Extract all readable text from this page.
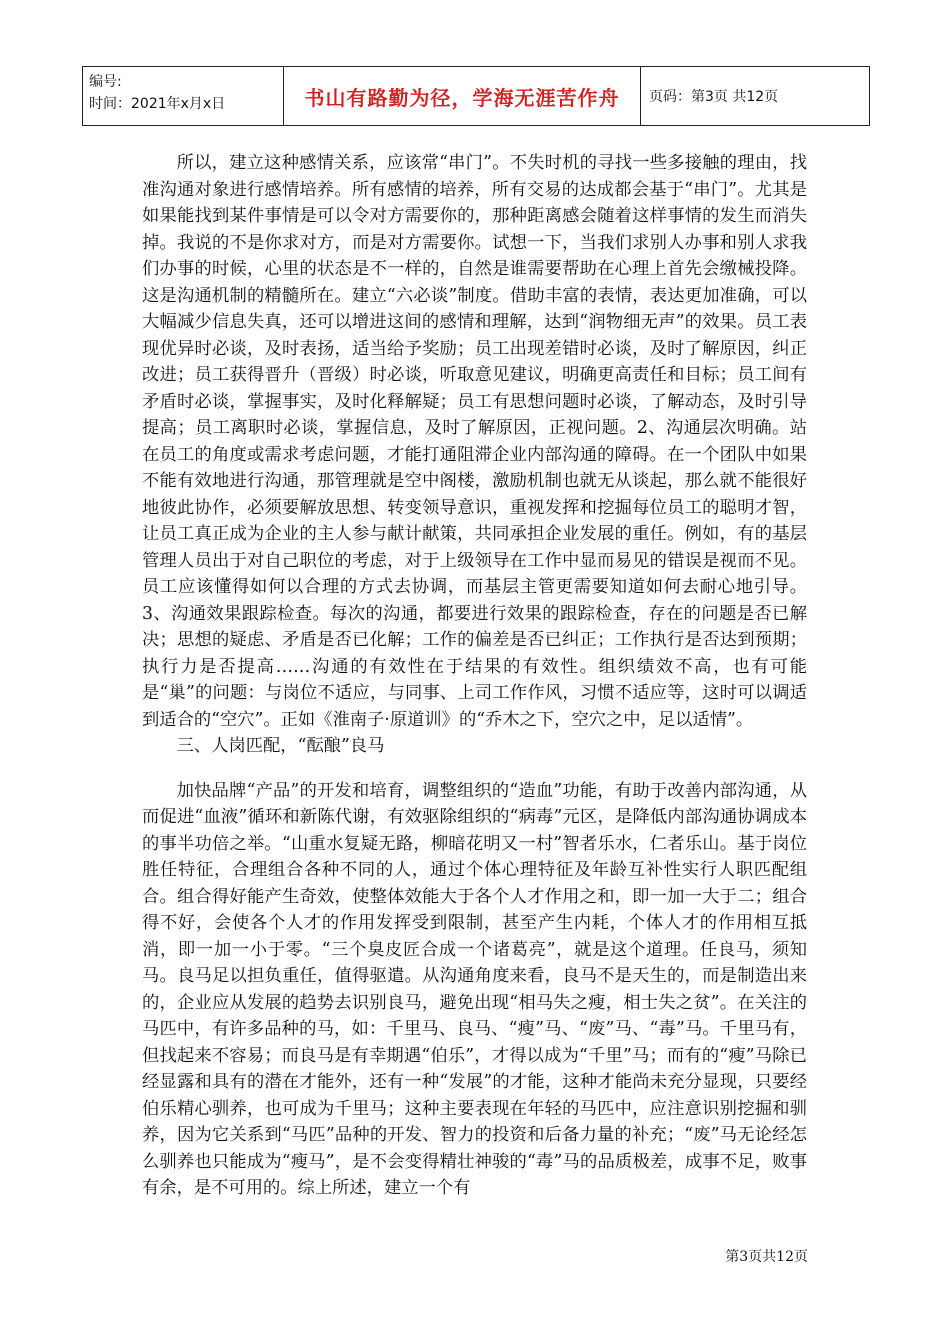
编号:
时间：2021年x月x日	书山有路勤为径，学海无涯苦作舟	页码：第3页 共12页

所以，建立这种感情关系，应该常“串门”。不失时机的寻找一些多接触的理由，找准沟通对象进行感情培养。所有感情的培养，所有交易的达成都会基于“串门”。尤其是如果能找到某件事情是可以令对方需要你的，那种距离感会随着这样事情的发生而消失掉。我说的不是你求对方，而是对方需要你。试想一下，当我们求别人办事和别人求我们办事的时候，心里的状态是不一样的，自然是谁需要帮助在心理上首先会缴械投降。这是沟通机制的精髓所在。建立“六必谈”制度。借助丰富的表情，表达更加准确，可以大幅减少信息失真，还可以增进这间的感情和理解，达到“润物细无声”的效果。员工表现优异时必谈，及时表扬，适当给予奖励；员工出现差错时必谈，及时了解原因，纠正改进；员工获得晋升（晋级）时必谈，听取意见建议，明确更高责任和目标；员工间有矛盾时必谈，掌握事实，及时化释解疑；员工有思想问题时必谈，了解动态，及时引导提高；员工离职时必谈，掌握信息，及时了解原因，正视问题。2、沟通层次明确。站在员工的角度或需求考虑问题，才能打通阻滞企业内部沟通的障碍。在一个团队中如果不能有效地进行沟通，那管理就是空中阁楼，激励机制也就无从谈起，那么就不能很好地彼此协作，必须要解放思想、转变领导意识，重视发挥和挖掘每位员工的聪明才智，让员工真正成为企业的主人参与献计献策，共同承担企业发展的重任。例如，有的基层管理人员出于对自己职位的考虑，对于上级领导在工作中显而易见的错误是视而不见。员工应该懂得如何以合理的方式去协调，而基层主管更需要知道如何去耐心地引导。3、沟通效果跟踪检查。每次的沟通，都要进行效果的跟踪检查，存在的问题是否已解决；思想的疑虑、矛盾是否已化解；工作的偏差是否已纠正；工作执行是否达到预期；执行力是否提高……沟通的有效性在于结果的有效性。组织绩效不高，也有可能是“巢”的问题：与岗位不适应，与同事、上司工作作风，习惯不适应等，这时可以调适到适合的“空穴”。正如《淮南子·原道训》的“乔木之下，空穴之中，足以适情”。

三、人岗匹配，“酝酿”良马

加快品牌“产品”的开发和培育，调整组织的“造血”功能，有助于改善内部沟通，从而促进“血液”循环和新陈代谢，有效驱除组织的“病毒”元区，是降低内部沟通协调成本的事半功倍之举。“山重水复疑无路，柳暗花明又一村”智者乐水，仁者乐山。基于岗位胜任特征，合理组合各种不同的人，通过个体心理特征及年龄互补性实行人职匹配组合。组合得好能产生奇效，使整体效能大于各个人才作用之和，即一加一大于二；组合得不好，会使各个人才的作用发挥受到限制，甚至产生内耗，个体人才的作用相互抵消，即一加一小于零。“三个臭皮匠合成一个诸葛亮”，就是这个道理。任良马，须知马。良马足以担负重任，值得驱遣。从沟通角度来看，良马不是天生的，而是制造出来的，企业应从发展的趋势去识别良马，避免出现“相马失之瘦，相士失之贫”。在关注的马匹中，有许多品种的马，如：千里马、良马、“瘦”马、“废”马、“毒”马。千里马有，但找起来不容易；而良马是有幸期遇“伯乐”，才得以成为“千里”马；而有的“瘦”马除已经显露和具有的潜在才能外，还有一种“发展”的才能，这种才能尚未充分显现，只要经伯乐精心驯养，也可成为千里马；这种主要表现在年轻的马匹中，应注意识别挖掘和驯养，因为它关系到“马匹”品种的开发、智力的投资和后备力量的补充；“废”马无论经怎么驯养也只能成为“瘦马”，是不会变得精壮神骏的“毒”马的品质极差，成事不足，败事有余，是不可用的。综上所述，建立一个有

第3页共12页
